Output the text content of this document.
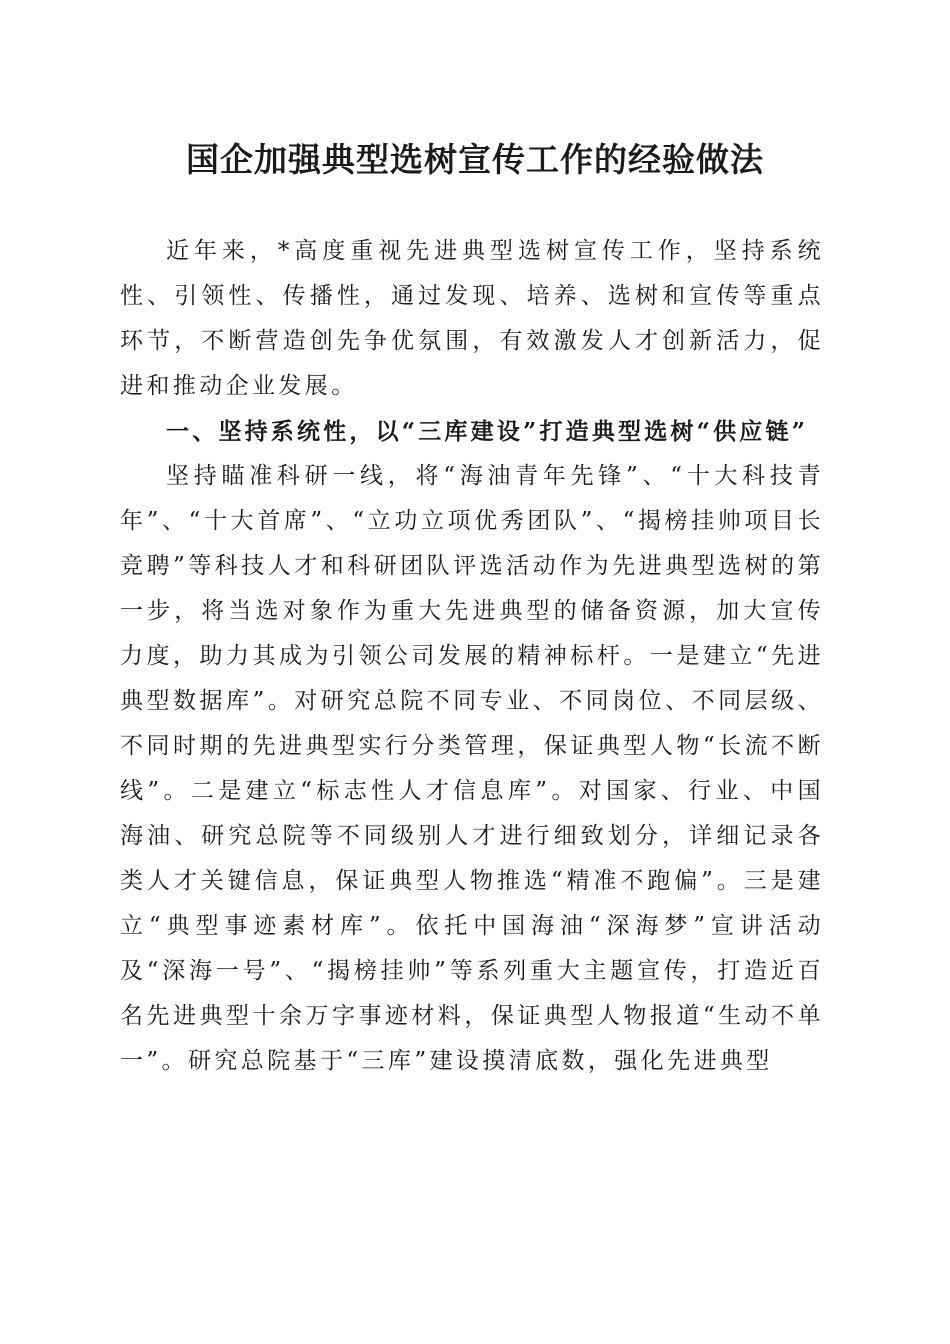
国企加强典型选树宣传工作的经验做法

近年来，*高度重视先进典型选树宣传工作，坚持系统性、引领性、传播性，通过发现、培养、选树和宣传等重点环节，不断营造创先争优氛围，有效激发人才创新活力，促进和推动企业发展。

一、坚持系统性，以“三库建设”打造典型选树“供应链”

坚持瞄准科研一线，将“海油青年先锋”、“十大科技青年”、“十大首席”、“立功立项优秀团队”、“揭榜挂帅项目长竞聘”等科技人才和科研团队评选活动作为先进典型选树的第一步，将当选对象作为重大先进典型的储备资源，加大宣传力度，助力其成为引领公司发展的精神标杆。一是建立“先进典型数据库”。对研究总院不同专业、不同岗位、不同层级、不同时期的先进典型实行分类管理，保证典型人物“长流不断线”。二是建立“标志性人才信息库”。对国家、行业、中国海油、研究总院等不同级别人才进行细致划分，详细记录各类人才关键信息，保证典型人物推选“精准不跑偏”。三是建立“典型事迹素材库”。依托中国海油“深海梦”宣讲活动及“深海一号”、“揭榜挂帅”等系列重大主题宣传，打造近百名先进典型十余万字事迹材料，保证典型人物报道“生动不单一”。研究总院基于“三库”建设摸清底数，强化先进典型
